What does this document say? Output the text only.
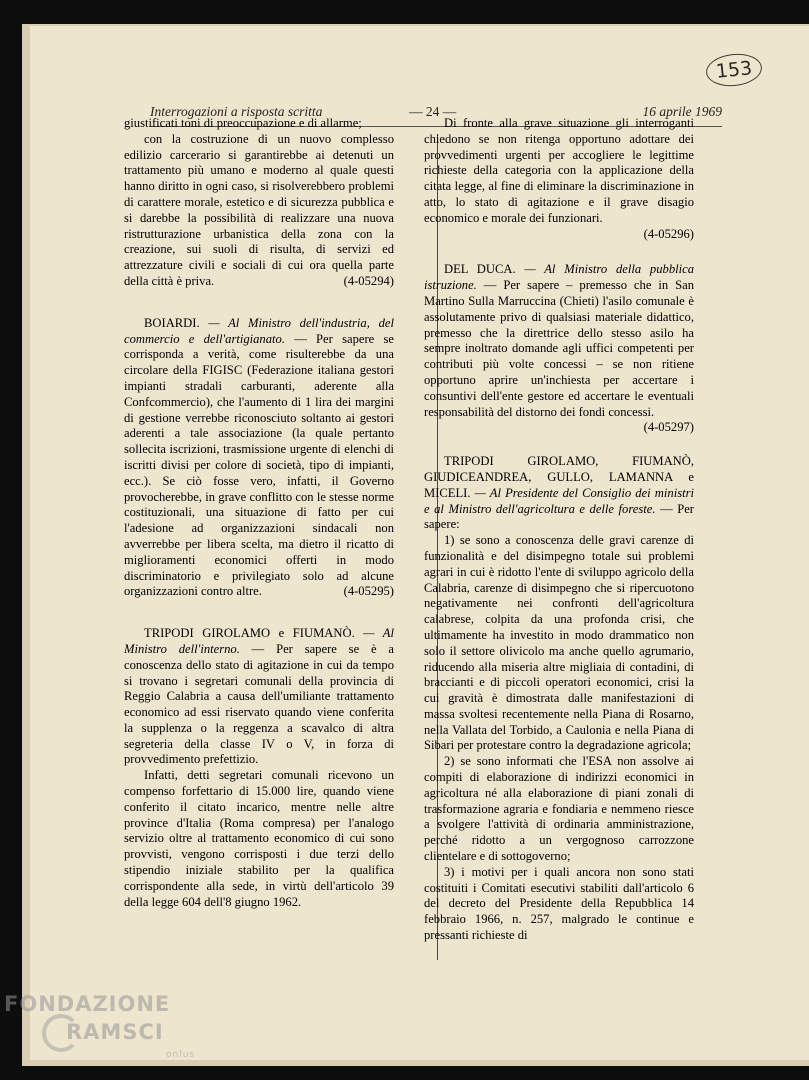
153
Interrogazioni a risposta scritta	— 24 —	16 aprile 1969

giustificati toni di preoccupazione e di allarme;

con la costruzione di un nuovo complesso edilizio carcerario si garantirebbe ai detenuti un trattamento più umano e moderno al quale questi hanno diritto in ogni caso, si risolverebbero problemi di carattere morale, estetico e di sicurezza pubblica e si darebbe la possibilità di realizzare una nuova ristrutturazione urbanistica della zona con la creazione, sui suoli di risulta, di servizi ed attrezzature civili e sociali di cui ora quella parte della città è priva.	(4-05294)

BOIARDI. — Al Ministro dell'industria, del commercio e dell'artigianato. — Per sapere se corrisponda a verità, come risulterebbe da una circolare della FIGISC (Federazione italiana gestori impianti stradali carburanti, aderente alla Confcommercio), che l'aumento di 1 lira dei margini di gestione verrebbe riconosciuto soltanto ai gestori aderenti a tale associazione (la quale pertanto sollecita iscrizioni, trasmissione urgente di elenchi di iscritti divisi per colore di società, tipo di impianti, ecc.). Se ciò fosse vero, infatti, il Governo provocherebbe, in grave conflitto con le stesse norme costituzionali, una situazione di fatto per cui l'adesione ad organizzazioni sindacali non avverrebbe per libera scelta, ma dietro il ricatto di miglioramenti economici offerti in modo discriminatorio e privilegiato solo ad alcune organizzazioni contro altre.	(4-05295)

TRIPODI GIROLAMO e FIUMANÒ. — Al Ministro dell'interno. — Per sapere se è a conoscenza dello stato di agitazione in cui da tempo si trovano i segretari comunali della provincia di Reggio Calabria a causa dell'umiliante trattamento economico ad essi riservato quando viene conferita la supplenza o la reggenza a scavalco di altra segreteria della classe IV o V, in forza di provvedimento prefettizio.

Infatti, detti segretari comunali ricevono un compenso forfettario di 15.000 lire, quando viene conferito il citato incarico, mentre nelle altre province d'Italia (Roma compresa) per l'analogo servizio oltre al trattamento economico di cui sono provvisti, vengono corrisposti i due terzi dello stipendio iniziale stabilito per la qualifica corrispondente alla sede, in virtù dell'articolo 39 della legge 604 dell'8 giugno 1962.

Di fronte alla grave situazione gli interroganti chiedono se non ritenga opportuno adottare dei provvedimenti urgenti per accogliere le legittime richieste della categoria con la applicazione della citata legge, al fine di eliminare la discriminazione in atto, lo stato di agitazione e il grave disagio economico e morale dei funzionari.

(4-05296)

DEL DUCA. — Al Ministro della pubblica istruzione. — Per sapere – premesso che in San Martino Sulla Marruccina (Chieti) l'asilo comunale è assolutamente privo di qualsiasi materiale didattico, premesso che la direttrice dello stesso asilo ha sempre inoltrato domande agli uffici competenti per contributi più volte concessi – se non ritiene opportuno aprire un'inchiesta per accertare i consuntivi dell'ente gestore ed accertare le eventuali responsabilità del distorno dei fondi concessi.

(4-05297)

TRIPODI GIROLAMO, FIUMANÒ, GIUDICEANDREA, GULLO, LAMANNA e MICELI. — Al Presidente del Consiglio dei ministri e al Ministro dell'agricoltura e delle foreste. — Per sapere:

1) se sono a conoscenza delle gravi carenze di funzionalità e del disimpegno totale sui problemi agrari in cui è ridotto l'ente di sviluppo agricolo della Calabria, carenze di disimpegno che si ripercuotono negativamente nei confronti dell'agricoltura calabrese, colpita da una profonda crisi, che ultimamente ha investito in modo drammatico non solo il settore olivicolo ma anche quello agrumario, riducendo alla miseria altre migliaia di contadini, di braccianti e di piccoli operatori economici, crisi la cui gravità è dimostrata dalle manifestazioni di massa svoltesi recentemente nella Piana di Rosarno, nella Vallata del Torbido, a Caulonia e nella Piana di Sibari per protestare contro la degradazione agricola;

2) se sono informati che l'ESA non assolve ai compiti di elaborazione di indirizzi economici in agricoltura né alla elaborazione di piani zonali di trasformazione agraria e fondiaria e nemmeno riesce a svolgere l'attività di ordinaria amministrazione, perché ridotto a un vergognoso carrozzone clientelare e di sottogoverno;

3) i motivi per i quali ancora non sono stati costituiti i Comitati esecutivi stabiliti dall'articolo 6 del decreto del Presidente della Repubblica 14 febbraio 1966, n. 257, malgrado le continue e pressanti richieste di

FONDAZIONE
RAMSCI
onlus
